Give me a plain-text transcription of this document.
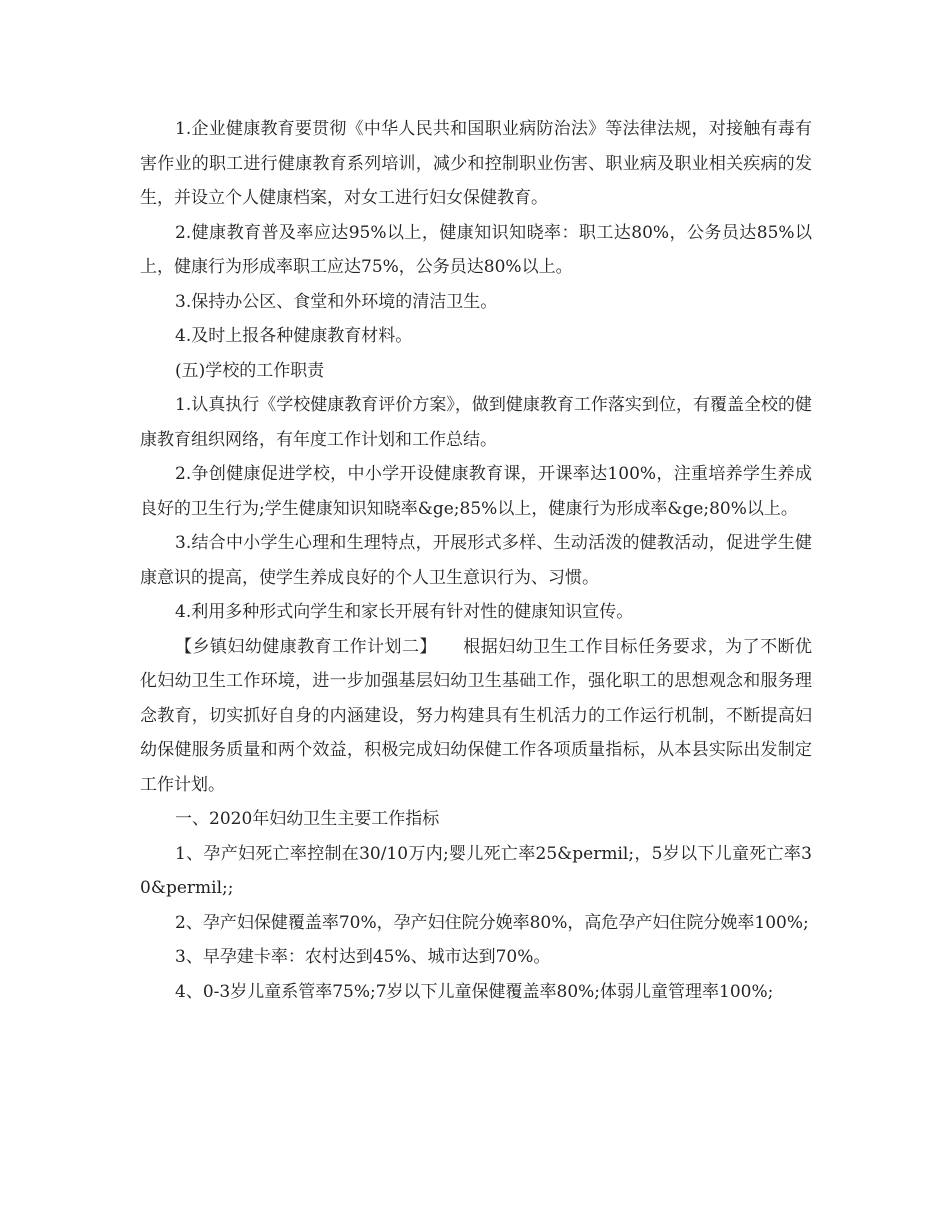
1.企业健康教育要贯彻《中华人民共和国职业病防治法》等法律法规，对接触有毒有害作业的职工进行健康教育系列培训，减少和控制职业伤害、职业病及职业相关疾病的发生，并设立个人健康档案，对女工进行妇女保健教育。

2.健康教育普及率应达95%以上，健康知识知晓率：职工达80%，公务员达85%以上，健康行为形成率职工应达75%，公务员达80%以上。

3.保持办公区、食堂和外环境的清洁卫生。

4.及时上报各种健康教育材料。

(五)学校的工作职责

1.认真执行《学校健康教育评价方案》，做到健康教育工作落实到位，有覆盖全校的健康教育组织网络，有年度工作计划和工作总结。

2.争创健康促进学校，中小学开设健康教育课，开课率达100%，注重培养学生养成良好的卫生行为;学生健康知识知晓率&ge;85%以上，健康行为形成率&ge;80%以上。

3.结合中小学生心理和生理特点，开展形式多样、生动活泼的健教活动，促进学生健康意识的提高，使学生养成良好的个人卫生意识行为、习惯。

4.利用多种形式向学生和家长开展有针对性的健康知识宣传。

【乡镇妇幼健康教育工作计划二】　　根据妇幼卫生工作目标任务要求，为了不断优化妇幼卫生工作环境，进一步加强基层妇幼卫生基础工作，强化职工的思想观念和服务理念教育，切实抓好自身的内涵建设，努力构建具有生机活力的工作运行机制，不断提高妇幼保健服务质量和两个效益，积极完成妇幼保健工作各项质量指标，从本县实际出发制定工作计划。

一、2020年妇幼卫生主要工作指标

1、孕产妇死亡率控制在30/10万内;婴儿死亡率25&permil;，5岁以下儿童死亡率30&permil;;

2、孕产妇保健覆盖率70%，孕产妇住院分娩率80%，高危孕产妇住院分娩率100%;

3、早孕建卡率：农村达到45%、城市达到70%。

4、0-3岁儿童系管率75%;7岁以下儿童保健覆盖率80%;体弱儿童管理率100%;
